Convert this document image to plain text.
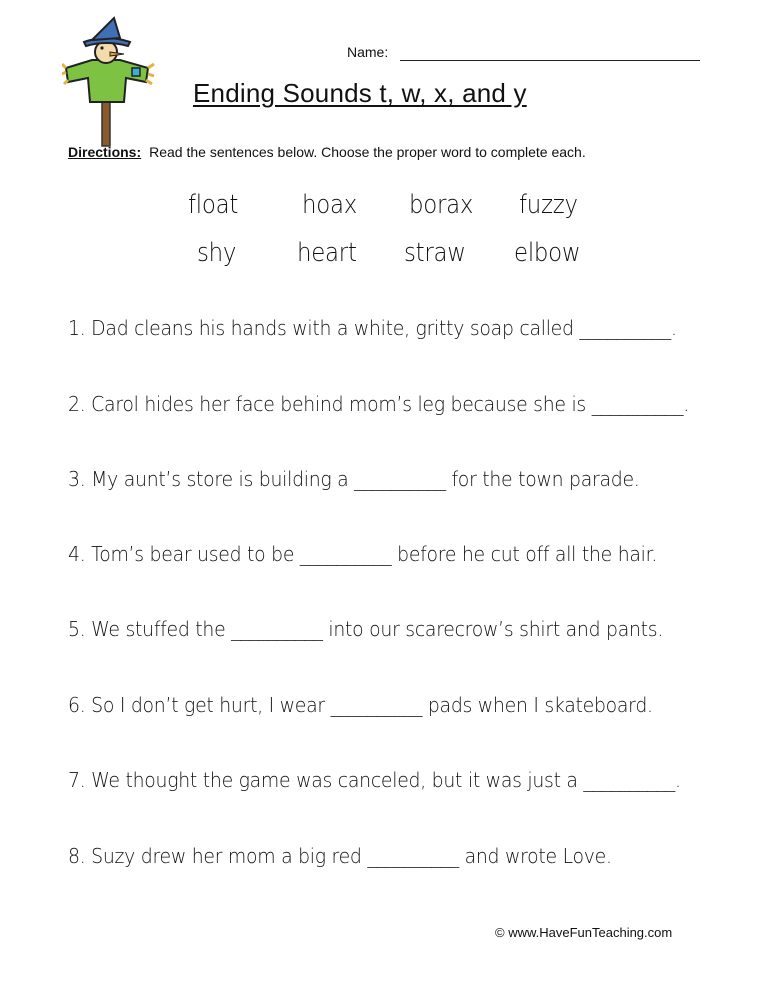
Name:
Ending Sounds t, w, x, and y
Directions: Read the sentences below. Choose the proper word to complete each.
float hoax borax fuzzy
shy heart straw elbow
1. Dad cleans his hands with a white, gritty soap called __________.
2. Carol hides her face behind mom’s leg because she is __________.
3. My aunt’s store is building a __________ for the town parade.
4. Tom’s bear used to be __________ before he cut off all the hair.
5. We stuffed the __________ into our scarecrow’s shirt and pants.
6. So I don’t get hurt, I wear __________ pads when I skateboard.
7. We thought the game was canceled, but it was just a __________.
8. Suzy drew her mom a big red __________ and wrote Love.
© www.HaveFunTeaching.com
